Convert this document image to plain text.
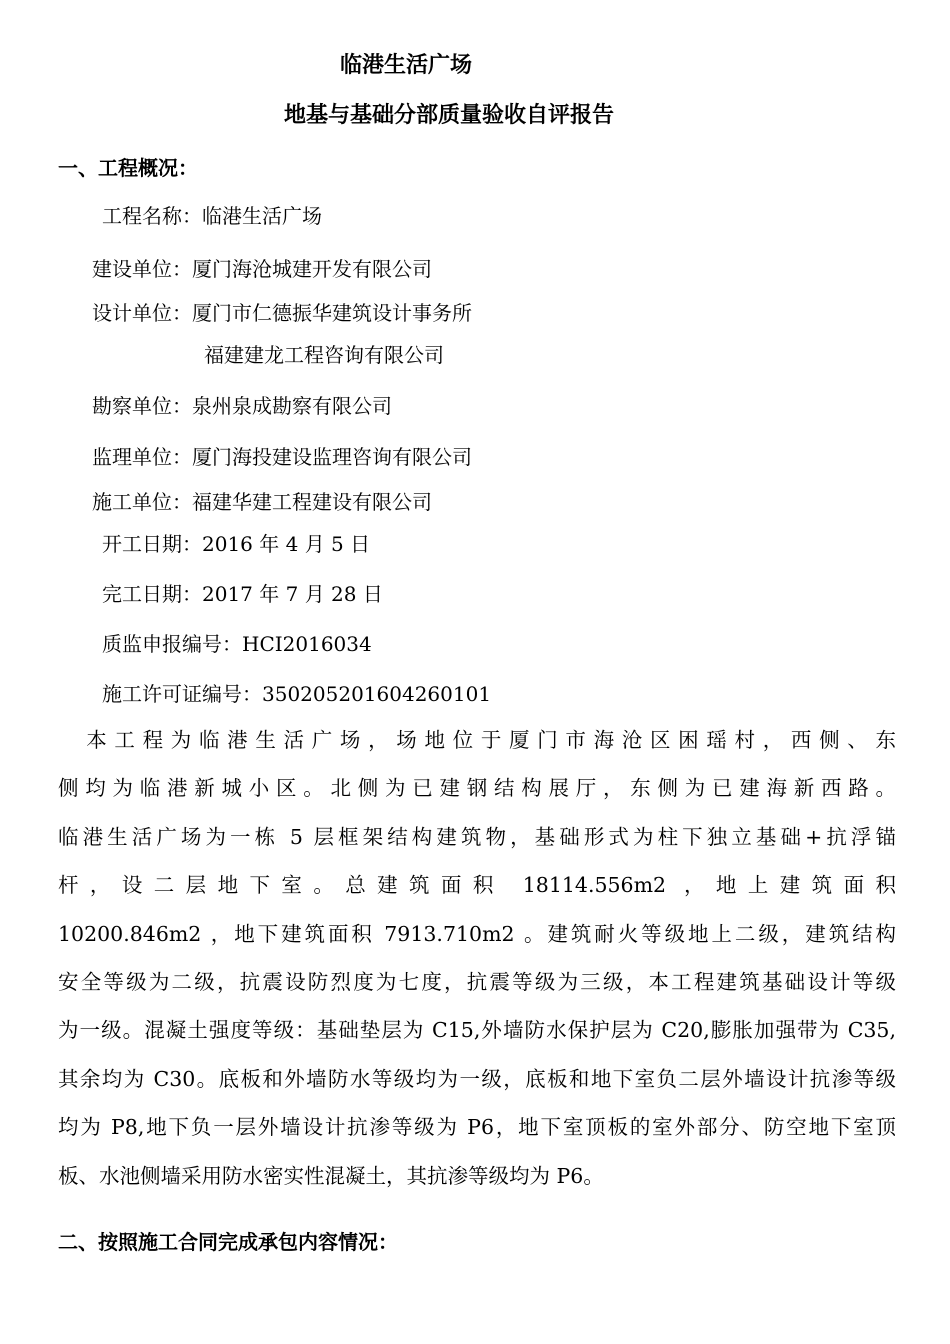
临港生活广场
地基与基础分部质量验收自评报告
一、工程概况：
工程名称：临港生活广场
建设单位：厦门海沧城建开发有限公司
设计单位：厦门市仁德振华建筑设计事务所
福建建龙工程咨询有限公司
勘察单位：泉州泉成勘察有限公司
监理单位：厦门海投建设监理咨询有限公司
施工单位：福建华建工程建设有限公司
开工日期：2016 年 4 月 5 日
完工日期：2017 年 7 月 28 日
质监申报编号：HCI2016034
施工许可证编号：350205201604260101
　本工程为临港生活广场，场地位于厦门市海沧区困瑶村，西侧、东
侧均为临港新城小区。北侧为已建钢结构展厅，东侧为已建海新西路。
临港生活广场为一栋 5 层框架结构建筑物，基础形式为柱下独立基础+抗浮锚
杆，设二层地下室。总建筑面积 18114.556m2 ，地上建筑面积
10200.846m2 ，地下建筑面积 7913.710m2 。建筑耐火等级地上二级，建筑结构
安全等级为二级，抗震设防烈度为七度，抗震等级为三级，本工程建筑基础设计等级
为一级。混凝土强度等级：基础垫层为 C15,外墙防水保护层为 C20,膨胀加强带为 C35,
其余均为 C30。底板和外墙防水等级均为一级，底板和地下室负二层外墙设计抗渗等级
均为 P8,地下负一层外墙设计抗渗等级为 P6，地下室顶板的室外部分、防空地下室顶
板、水池侧墙采用防水密实性混凝土，其抗渗等级均为 P6。
二、按照施工合同完成承包内容情况：
